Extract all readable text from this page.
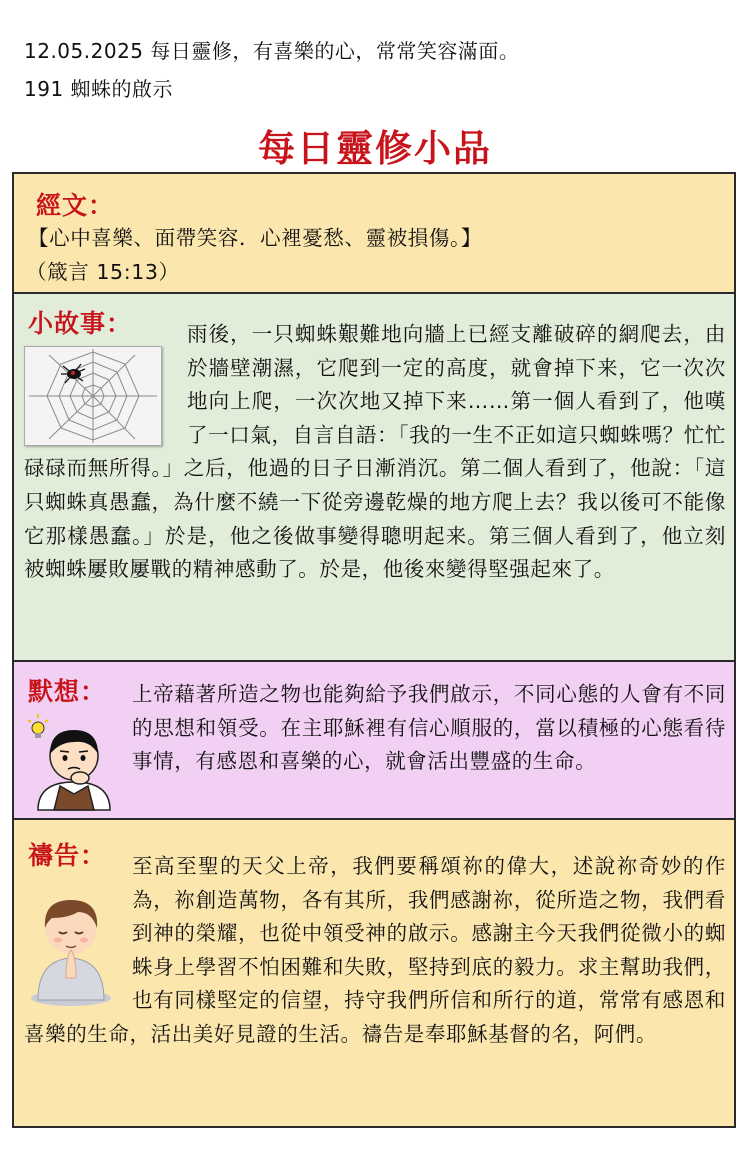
12.05.2025 每日靈修，有喜樂的心，常常笑容滿面。
191 蜘蛛的啟示
每日靈修小品
經文：
【心中喜樂、面帶笑容．心裡憂愁、靈被損傷。】
（箴言 15:13）
小故事：	雨後，一只蜘蛛艱難地向牆上已經支離破碎的網爬去，由於牆壁潮濕，它爬到一定的高度，就會掉下来，它一次次地向上爬，一次次地又掉下来……第一個人看到了，他嘆了一口氣，自言自語：「我的一生不正如這只蜘蛛嗎？忙忙碌碌而無所得。」之后，他過的日子日漸消沉。第二個人看到了，他說：「這只蜘蛛真愚蠢，為什麼不繞一下從旁邊乾燥的地方爬上去？我以後可不能像它那樣愚蠢。」於是，他之後做事變得聰明起来。第三個人看到了，他立刻被蜘蛛屢敗屢戰的精神感動了。於是，他後來變得堅强起來了。
默想：	上帝藉著所造之物也能夠給予我們啟示，不同心態的人會有不同的思想和領受。在主耶穌裡有信心順服的，當以積極的心態看待事情，有感恩和喜樂的心，就會活出豐盛的生命。
禱告：	至高至聖的天父上帝，我們要稱頌祢的偉大，述說祢奇妙的作為，祢創造萬物，各有其所，我們感謝祢，從所造之物，我們看到神的榮耀，也從中領受神的啟示。感謝主今天我們從微小的蜘蛛身上學習不怕困難和失敗，堅持到底的毅力。求主幫助我們，也有同樣堅定的信望，持守我們所信和所行的道，常常有感恩和喜樂的生命，活出美好見證的生活。禱告是奉耶穌基督的名，阿們。
